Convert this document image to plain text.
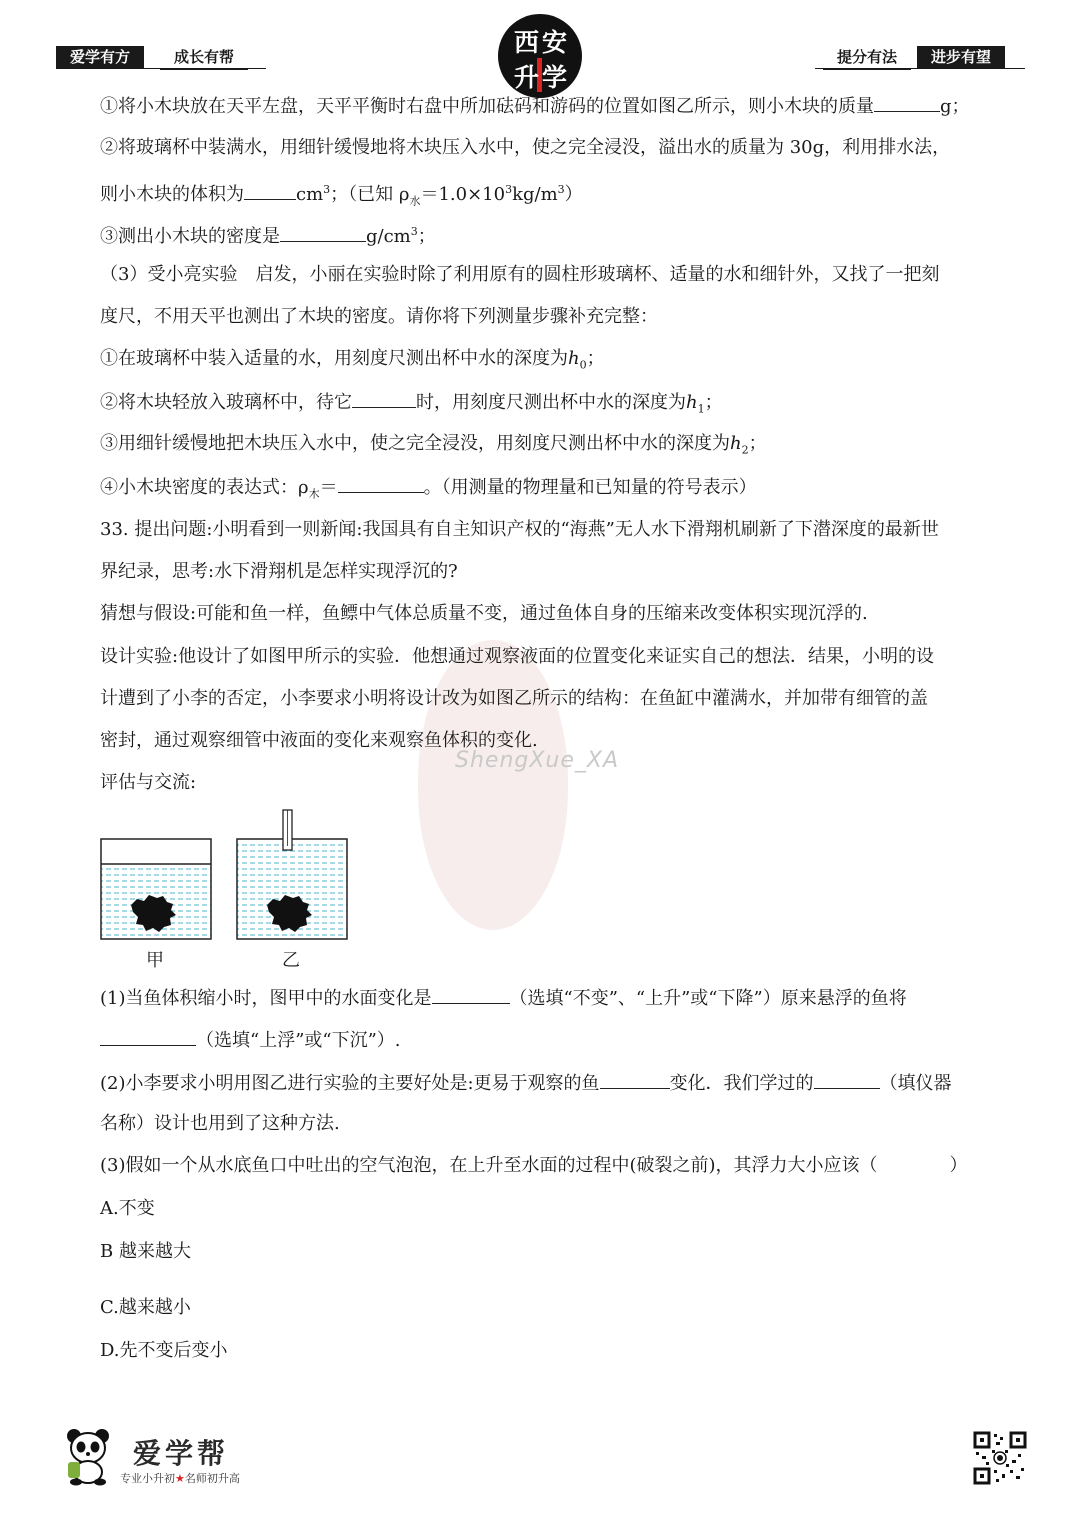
爱学有方	成长有帮	西 安
升 学
提分有法	进步有望
ShengXue_XA
①将小木块放在天平左盘，天平平衡时右盘中所加砝码和游码的位置如图乙所示，则小木块的质量	g；
②将玻璃杯中装满水，用细针缓慢地将木块压入水中，使之完全浸没，溢出水的质量为 30g，利用排水法，
则小木块的体积为	$cm^3$；（已知 $\rho_水=1.0\times 10^3kg/m^3$）
③测出小木块的密度是	$g/cm^3$；
（3）受小亮实验　启发，小丽在实验时除了利用原有的圆柱形玻璃杯、适量的水和细针外，又找了一把刻
度尺，不用天平也测出了木块的密度。请你将下列测量步骤补充完整：
①在玻璃杯中装入适量的水，用刻度尺测出杯中水的深度为$h_0$；
②将木块轻放入玻璃杯中，待它	时，用刻度尺测出杯中水的深度为$h_1$；
③用细针缓慢地把木块压入水中，使之完全浸没，用刻度尺测出杯中水的深度为$h_2$；
④小木块密度的表达式：$\rho_木=$	。（用测量的物理量和已知量的符号表示）
33. 提出问题:小明看到一则新闻:我国具有自主知识产权的“海燕”无人水下滑翔机刷新了下潜深度的最新世
界纪录，思考:水下滑翔机是怎样实现浮沉的?
猜想与假设:可能和鱼一样，鱼鳔中气体总质量不变，通过鱼体自身的压缩来改变体积实现沉浮的.
设计实验:他设计了如图甲所示的实验．他想通过观察液面的位置变化来证实自己的想法．结果，小明的设
计遭到了小李的否定，小李要求小明将设计改为如图乙所示的结构：在鱼缸中灌满水，并加带有细管的盖
密封，通过观察细管中液面的变化来观察鱼体积的变化.
评估与交流:
甲	乙
(1)当鱼体积缩小时，图甲中的水面变化是	（选填“不变”、“上升”或“下降”）原来悬浮的鱼将
（选填“上浮”或“下沉”）.
(2)小李要求小明用图乙进行实验的主要好处是:更易于观察的鱼	变化．我们学过的	（填仪器
名称）设计也用到了这种方法.
(3)假如一个从水底鱼口中吐出的空气泡泡，在上升至水面的过程中(破裂之前)，其浮力大小应该（　　　　）
A.不变
B 越来越大
C.越来越小
D.先不变后变小
爱学帮
专业小升初★名师初升高
